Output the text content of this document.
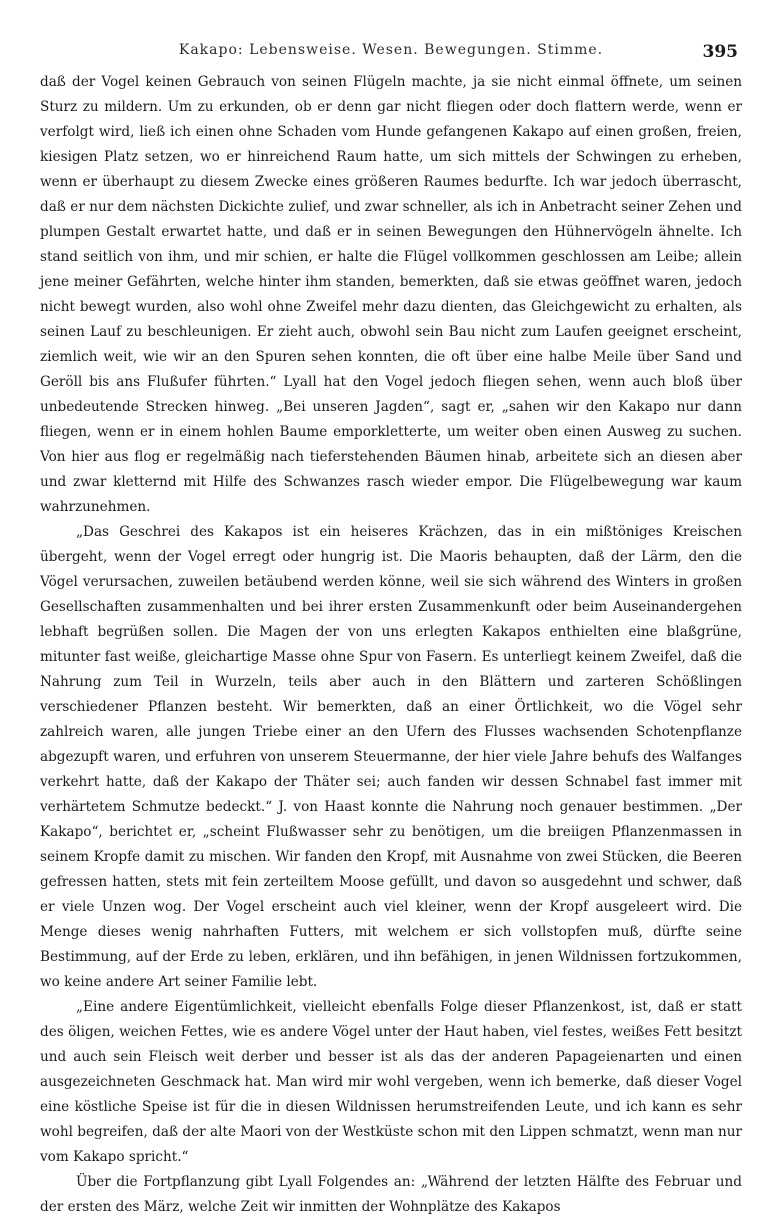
Kakapo: Lebensweise. Wesen. Bewegungen. Stimme.	395

daß der Vogel keinen Gebrauch von seinen Flügeln machte, ja sie nicht einmal öffnete, um seinen Sturz zu mildern. Um zu erkunden, ob er denn gar nicht fliegen oder doch flattern werde, wenn er verfolgt wird, ließ ich einen ohne Schaden vom Hunde gefangenen Kakapo auf einen großen, freien, kiesigen Platz setzen, wo er hinreichend Raum hatte, um sich mittels der Schwingen zu erheben, wenn er überhaupt zu diesem Zwecke eines größeren Raumes bedurfte. Ich war jedoch überrascht, daß er nur dem nächsten Dickichte zulief, und zwar schneller, als ich in Anbetracht seiner Zehen und plumpen Gestalt erwartet hatte, und daß er in seinen Bewegungen den Hühnervögeln ähnelte. Ich stand seitlich von ihm, und mir schien, er halte die Flügel vollkommen geschlossen am Leibe; allein jene meiner Gefährten, welche hinter ihm standen, bemerkten, daß sie etwas geöffnet waren, jedoch nicht bewegt wurden, also wohl ohne Zweifel mehr dazu dienten, das Gleichgewicht zu erhalten, als seinen Lauf zu beschleunigen. Er zieht auch, obwohl sein Bau nicht zum Laufen geeignet erscheint, ziemlich weit, wie wir an den Spuren sehen konnten, die oft über eine halbe Meile über Sand und Geröll bis ans Flußufer führten.“ Lyall hat den Vogel jedoch fliegen sehen, wenn auch bloß über unbedeutende Strecken hinweg. „Bei unseren Jagden“, sagt er, „sahen wir den Kakapo nur dann fliegen, wenn er in einem hohlen Baume emporkletterte, um weiter oben einen Ausweg zu suchen. Von hier aus flog er regelmäßig nach tieferstehenden Bäumen hinab, arbeitete sich an diesen aber und zwar kletternd mit Hilfe des Schwanzes rasch wieder empor. Die Flügelbewegung war kaum wahrzunehmen.

„Das Geschrei des Kakapos ist ein heiseres Krächzen, das in ein mißtöniges Kreischen übergeht, wenn der Vogel erregt oder hungrig ist. Die Maoris behaupten, daß der Lärm, den die Vögel verursachen, zuweilen betäubend werden könne, weil sie sich während des Winters in großen Gesellschaften zusammenhalten und bei ihrer ersten Zusammenkunft oder beim Auseinandergehen lebhaft begrüßen sollen. Die Magen der von uns erlegten Kakapos enthielten eine blaßgrüne, mitunter fast weiße, gleichartige Masse ohne Spur von Fasern. Es unterliegt keinem Zweifel, daß die Nahrung zum Teil in Wurzeln, teils aber auch in den Blättern und zarteren Schößlingen verschiedener Pflanzen besteht. Wir bemerkten, daß an einer Örtlichkeit, wo die Vögel sehr zahlreich waren, alle jungen Triebe einer an den Ufern des Flusses wachsenden Schotenpflanze abgezupft waren, und erfuhren von unserem Steuermanne, der hier viele Jahre behufs des Walfanges verkehrt hatte, daß der Kakapo der Thäter sei; auch fanden wir dessen Schnabel fast immer mit verhärtetem Schmutze bedeckt.“ J. von Haast konnte die Nahrung noch genauer bestimmen. „Der Kakapo“, berichtet er, „scheint Flußwasser sehr zu benötigen, um die breiigen Pflanzenmassen in seinem Kropfe damit zu mischen. Wir fanden den Kropf, mit Ausnahme von zwei Stücken, die Beeren gefressen hatten, stets mit fein zerteiltem Moose gefüllt, und davon so ausgedehnt und schwer, daß er viele Unzen wog. Der Vogel erscheint auch viel kleiner, wenn der Kropf ausgeleert wird. Die Menge dieses wenig nahrhaften Futters, mit welchem er sich vollstopfen muß, dürfte seine Bestimmung, auf der Erde zu leben, erklären, und ihn befähigen, in jenen Wildnissen fortzukommen, wo keine andere Art seiner Familie lebt.

„Eine andere Eigentümlichkeit, vielleicht ebenfalls Folge dieser Pflanzenkost, ist, daß er statt des öligen, weichen Fettes, wie es andere Vögel unter der Haut haben, viel festes, weißes Fett besitzt und auch sein Fleisch weit derber und besser ist als das der anderen Papageienarten und einen ausgezeichneten Geschmack hat. Man wird mir wohl vergeben, wenn ich bemerke, daß dieser Vogel eine köstliche Speise ist für die in diesen Wildnissen herumstreifenden Leute, und ich kann es sehr wohl begreifen, daß der alte Maori von der Westküste schon mit den Lippen schmatzt, wenn man nur vom Kakapo spricht.“

Über die Fortpflanzung gibt Lyall Folgendes an: „Während der letzten Hälfte des Februar und der ersten des März, welche Zeit wir inmitten der Wohnplätze des Kakapos
